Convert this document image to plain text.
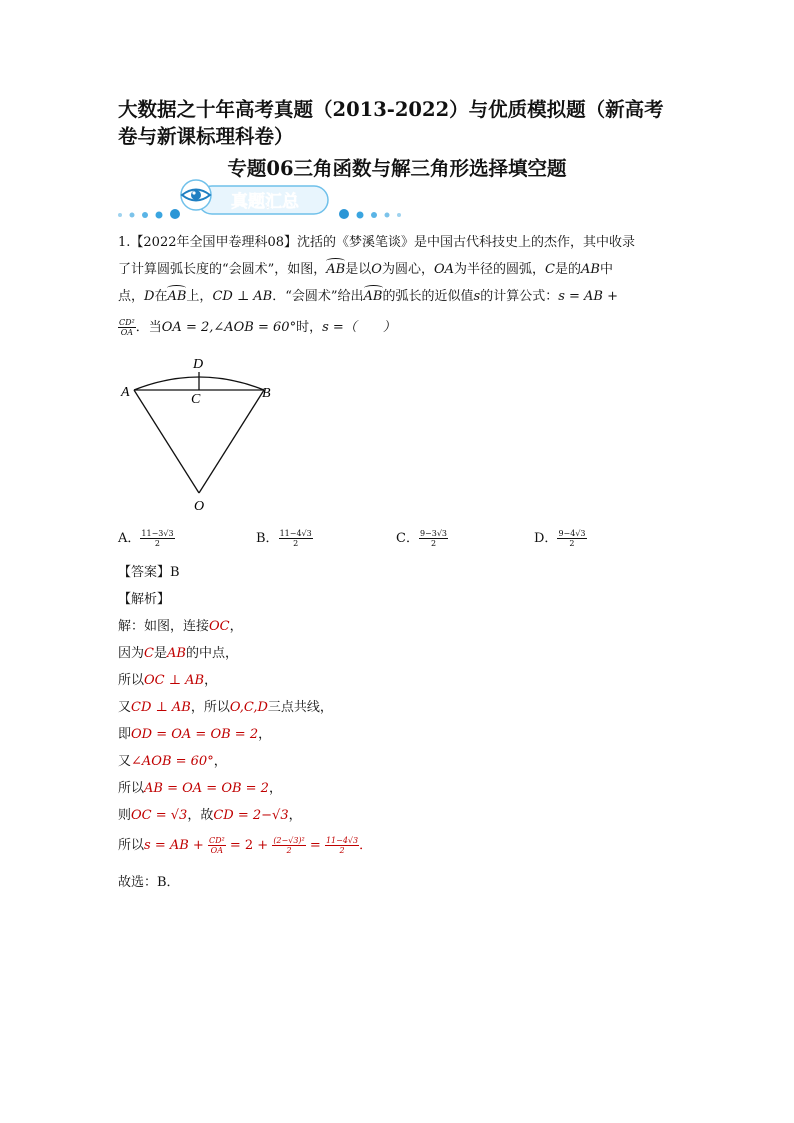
大数据之十年高考真题（2013-2022）与优质模拟题（新高考
卷与新课标理科卷）
专题06三角函数与解三角形选择填空题
真题汇总
1.【2022年全国甲卷理科08】沈括的《梦溪笔谈》是中国古代科技史上的杰作，其中收录
了计算圆弧长度的“会圆术”，如图，AB是以O为圆心，OA为半径的圆弧，C是的AB中
点，D在AB上，CD ⊥ AB．“会圆术”给出AB的弧长的近似值s的计算公式：s = AB +
$\frac{\text{CD²}}{OA}$ ．当OA = 2,∠AOB = 60°时，s =（　　）
A	B
C
D
O
A． $\frac{11-3√3}{2}$	B． $\frac{11-4√3}{2}$	C． $\frac{9-3√3}{2}$	D． $\frac{9-4√3}{2}$
【答案】B
【解析】
解：如图，连接OC，
因为C是AB的中点，
所以OC ⊥ AB，
又CD ⊥ AB，所以O,C,D三点共线，
即OD = OA = OB = 2，
又∠AOB = 60°，
所以AB = OA = OB = 2，
则OC = √3，故CD = 2−√3，
所以s = AB + $\frac{\text{CD²}}{OA} = 2 + \frac{\text{(2−√3)²}}{2} = \frac{11-4√3}{2}$ ．
故选：B．
